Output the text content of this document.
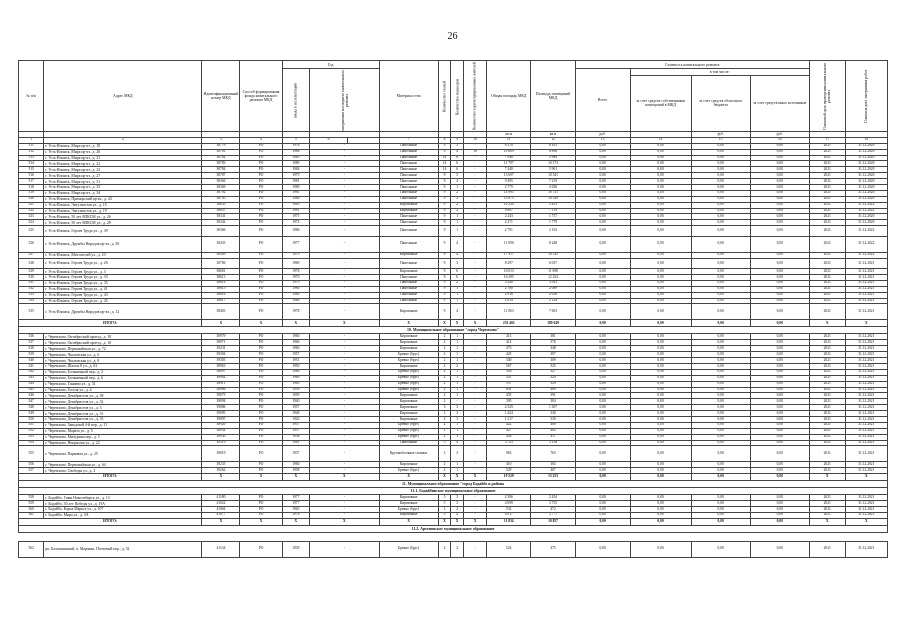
26
№ п/п	Адрес МКД	Идентификационный номер МКД	Способ формирования фонда капитального ремонта МКД	Год			Материал стен	Количество этажей	Количество подъездов	Количество зарегистрированных жителей	Общая площадь МКД	Площадь помещений МКД	Стоимость капитального ремонта				Плановый срок проведения капитального ремонта	Плановая дата завершения работ
				ввода в эксплуатацию	завершения последнего капитального ремонта								Всего	в том числе:				
														за счет средств собственников помещений в МКД	за счет средств областного бюджета	за счет средств иных источников		
											кв.м	кв.м	руб.		руб.	руб.		
1	2	3	4	5	6		7	8	9	10	11	12	13	14	15	16	17	18
511	г. Усть-Илимск, Мира пр-кт., д. 18	38779	РО	1978	-		Панельные	9	3	-	8 370	6 161	0,00	0,00	0,00	0,00	2021	31.12.2020
512	г. Усть-Илимск, Мира пр-кт., д. 20	38781	РО	1986	-		Панельные	9	4	16	10 809	8 896	0,00	0,00	0,00	0,00	2021	31.12.2020
513	г. Усть-Илимск, Мира пр-кт., д. 21	38782	РО	1983	-		Панельные	14	6	-	7 946	5 984	0,00	0,00	0,00	0,00	2021	31.12.2020
514	г. Усть-Илимск, Мира пр-кт., д. 22	38783	РО	1980	-		Панельные	14	6	-	11 797	10 173	0,00	0,00	0,00	0,00	2021	31.12.2020
515	г. Усть-Илимск, Мира пр-кт., д. 23	38784	РО	1984	-		Панельные	14	6	-	7 440	5 961	0,00	0,00	0,00	0,00	2021	31.12.2020
516	г. Усть-Илимск, Мира пр-кт., д. 27	38787	РО	1979	-		Панельные	9	5	-	13 697	10 541	0,00	0,00	0,00	0,00	2021	31.12.2020
517	г. Усть-Илимск, Мира пр-кт., д. 31	38366	РО	1981	-		Панельные	9	4	-	9 495	7 219	0,00	0,00	0,00	0,00	2021	31.12.2020
518	г. Усть-Илимск, Мира пр-кт., д. 33	38369	РО	1980	-		Панельные	9	1	-	2 779	2 036	0,00	0,00	0,00	0,00	2021	31.12.2020
519	г. Усть-Илимск, Мира пр-кт., д. 34	38792	РО	1981	-		Панельные	9	2	-	13 993	10 731	0,00	0,00	0,00	0,00	2021	31.12.2020
520	г. Усть-Илимск, Приморский пр-кт., д. 24	38795	РО	1980	-		Панельные	9	2	-	13 875	10 529	0,00	0,00	0,00	0,00	2021	31.12.2020
521	г. Усть-Илимск, Энтузиастов ул., д. 15	38835	РО	1983	-		Кирпичные	9	2	-	10 234	5 453	0,00	0,00	0,00	0,00	2021	31.12.2022
522	г. Усть-Илимск, Энтузиастов ул., д. 19	38837	РО	1981	-		Кирпичные	9	2	-	9 697	7 119	0,00	0,00	0,00	0,00	2021	31.12.2022
523	г. Усть-Илимск, 50 лет ВЛКСМ ул., д. 26	38341	РО	1975	-		Панельные	9	1	-	2 243	1 757	0,00	0,00	0,00	0,00	2021	31.12.2020
524	г. Усть-Илимск, 50 лет ВЛКСМ ул., д. 28	38342	РО	1974	-		Панельные	9	1	-	2 271	1 779	0,00	0,00	0,00	0,00	2021	31.12.2020
525	г. Усть-Илимск, Героев Труда ул., д. 39	38366	РО	1986	-		Панельные	9	1	-	2 791	2 102	0,00	0,00	0,00	0,00	2021	31.12.2022
526	г. Усть-Илимск, Дружбы Народов пр-кт., д. 30	38433	РО	1977	-		Панельные	9	4	-	11 090	8 248	0,00	0,00	0,00	0,00	2021	31.12.2022
527	г. Усть-Илимск, Мечтателей ул., д. 10	38499	РО	1979	-		Кирпичные	9	4	-	17 917	10 525	0,00	0,00	0,00	0,00	2021	31.12.2022
528	г. Усть-Илимск, Героев Труда ул., д. 26	38706	РО	1980	-		Панельные	9	3	-	8 297	6 037	0,00	0,00	0,00	0,00	2021	31.12.2021
529	г. Усть-Илимск, Героев Труда ул., д. 3	38601	РО	1978	-		Кирпичные	9	6	-	16 013	11 698	0,00	0,00	0,00	0,00	2021	31.12.2021
530	г. Усть-Илимск, Героев Труда ул., д. 33	38613	РО	1979	-		Панельные	9	6	-	16 295	12 234	0,00	0,00	0,00	0,00	2021	31.12.2021
531	г. Усть-Илимск, Героев Труда ул., д. 35	38614	РО	1979	-		Панельные	9	2	-	5 248	3 923	0,00	0,00	0,00	0,00	2021	31.12.2021
532	г. Усть-Илимск, Героев Труда ул., д. 41	38615	РО	1980	-		Панельные	9	1	-	2 780	2 089	0,00	0,00	0,00	0,00	2021	31.12.2021
533	г. Усть-Илимск, Героев Труда ул., д. 43	38616	РО	1980	-		Панельные	9	1	-	2 916	2 058	0,00	0,00	0,00	0,00	2021	31.12.2021
534	г. Усть-Илимск, Героев Труда ул., д. 45	38617	РО	1980	-		Панельные	9	1	-	2 814	2 124	0,00	0,00	0,00	0,00	2021	31.12.2021
535	г. Усть-Илимск, Дружбы Народов пр-кт., д. 12	38403	РО	1978	-		Кирпичные	9	4	-	11 063	7 603	0,00	0,00	0,00	0,00	2021	31.12.2021
ИТОГО:		Х	Х	Х	Х		Х	Х	Х	Х	252 402	189 649	0,00	0,00	0,00	0,00	Х	Х
10. Муниципальное образование "город Черемхово"																		
536	г. Черемхово, Октябрьский проезд., д. 18	38979	РО	1960	-		Кирпичные	2	1	-	413	381	0,00	0,00	0,00	0,00	2021	31.12.2021
537	г. Черемхово, Октябрьский проезд., д. 10	38971	РО	1960	-		Кирпичные	2	1	-	414	376	0,00	0,00	0,00	0,00	2021	31.12.2021
538	г. Черемхово, Первомайская ул., д. 72	39231	РО	1960	-		Кирпичные	2	1	-	373	348	0,00	0,00	0,00	0,00	2021	31.12.2021
539	г. Черемхово, Чкаловская ул., д. 6	39304	РО	1957	-		Бревно (брус)	2	1	-	425	397	0,00	0,00	0,00	0,00	2021	31.12.2021
540	г. Черемхово, Чкаловская ул., д. 8	39303	РО	1951	-		Бревно (брус)	2	1	-	340	309	0,00	0,00	0,00	0,00	2021	31.12.2021
541	г. Черемхово, Шахты 8 ул., д. 63	38963	РО	1950	-		Кирпичные	2	2	-	567	525	0,00	0,00	0,00	0,00	2021	31.12.2021
542	г. Черемхово, Больничный пер., д. 2	38897	РО	1960	-		Бревно (брус)	2	1	-	356	327	0,00	0,00	0,00	0,00	2021	31.12.2021
543	г. Черемхово, Больничный пер., д. 6	38902	РО	1960	-		Бревно (брус)	2	1	-	351	324	0,00	0,00	0,00	0,00	2021	31.12.2021
544	г. Черемхово, Ганиева ул., д. 31	38911	РО	1963	-		Бревно (брус)	2	1	-	557	529	0,00	0,00	0,00	0,00	2021	31.12.2021
545	г. Черемхово, Гоголя ул., д. 4	38906	РО	1959	-		Бревно (брус)	2	1	-	841	469	0,00	0,00	0,00	0,00	2021	31.12.2021
546	г. Черемхово, Декабристов ул., д. 38	39075	РО	1959	-		Кирпичные	2	1	-	435	391	0,00	0,00	0,00	0,00	2021	31.12.2021
547	г. Черемхово, Декабристов ул., д. 32	39094	РО	1940	-		Кирпичные	2	-	-	395	384	0,00	0,00	0,00	0,00	2021	31.12.2021
548	г. Черемхово, Декабристов ул., д. 3	39086	РО	1957	-		Кирпичные	3	3	-	2 329	1 307	0,00	0,00	0,00	0,00	2021	31.12.2021
549	г. Черемхово, Декабристов ул., д. 31	39093	РО	1948	-		Кирпичные	2	3	-	1 424	340	0,00	0,00	0,00	0,00	2021	31.12.2021
550	г. Черемхово, Декабристов ул., д. 33	39097	РО	1943	-		Кирпичные	2	3	-	1 217	530	0,00	0,00	0,00	0,00	2021	31.12.2021
551	г. Черемхово, Заводской 4-й пер., д. 11	38920	РО	1957	-		Бревно (брус)	2	1	-	422	400	0,00	0,00	0,00	0,00	2021	31.12.2021
552	г. Черемхово, Марата ул., д. 5	38934	РО	1957	-		Бревно (брус)	2	1	-	427	402	0,00	0,00	0,00	0,00	2021	31.12.2021
553	г. Черемхово, Мичурина пер., д. 5	38943	РО	1956	-		Бревно (брус)	2	1	-	449	417	0,00	0,00	0,00	0,00	2021	31.12.2021
554	г. Черемхово, Некрасова ул., д. 22	39119	РО	1981	-		Панельные	5	4	-	3 753	3 138	0,00	0,00	0,00	0,00	2021	31.12.2021
555	г. Черемхово, Парковая ул., д. 25	39019	РО	1937	-		Крупноблочные силикат	3	3	-	963	763	0,00	0,00	0,00	0,00	2021	31.12.2021
556	г. Черемхово, Первомайская ул., д. 64	39235	РО	1960	-		Кирпичные	2	1	-	410	365	0,00	0,00	0,00	0,00	2021	31.12.2021
557	г. Черемхово, Свободы ул., д. 2	39262	РО	1958	-		Бревно (брус)	2	1	-	529	407	0,00	0,00	0,00	0,00	2021	31.12.2021
ИТОГО:		Х	Х	Х	Х		Х	Х	Х	Х	19 529	13 253	0,00	0,00	0,00	0,00	Х	Х
11. Муниципальное образование "город Бодайбо и района																		
11.1. Бодайбинское муниципальное образование																		
558	г. Бодайбо, Гимн Новосибирск ул., д. 13	41180	РО	1977	-		Кирпичные	5	3	-	2 396	2 454	0,00	0,00	0,00	0,00	2021	31.12.2021
559	г. Бодайбо, 30 лет Победы ул., д. 19А	41022	РО	1977	-		Кирпичные	5	3	-	4 099	3 755	0,00	0,00	0,00	0,00	2021	31.12.2021
560	г. Бодайбо, Карла Маркса ул., д. 107	41064	РО	1963	-		Бревно (брус)	2	2	-	532	472	0,00	0,00	0,00	0,00	2021	31.12.2021
561	г. Бодайбо, Мира ул., д. 3А	41077	РО	1976	-		Кирпичные	5	4	-	4 917	3 777	0,00	0,00	0,00	0,00	2021	31.12.2021
ИТОГО:		Х	Х	Х	Х		Х	Х	Х	Х	11 834	10 857	0,00	0,00	0,00	0,00	Х	Х
11.2. Артемовское муниципальное образование																		

562	рп. Балахнинский, п. Маракан, Почтовый пер., д. 32	41134	РО	1939	-		Бревно (брус)	2	2	-	524	475	0,00	0,00	0,00	0,00	2021	31.12.2021
